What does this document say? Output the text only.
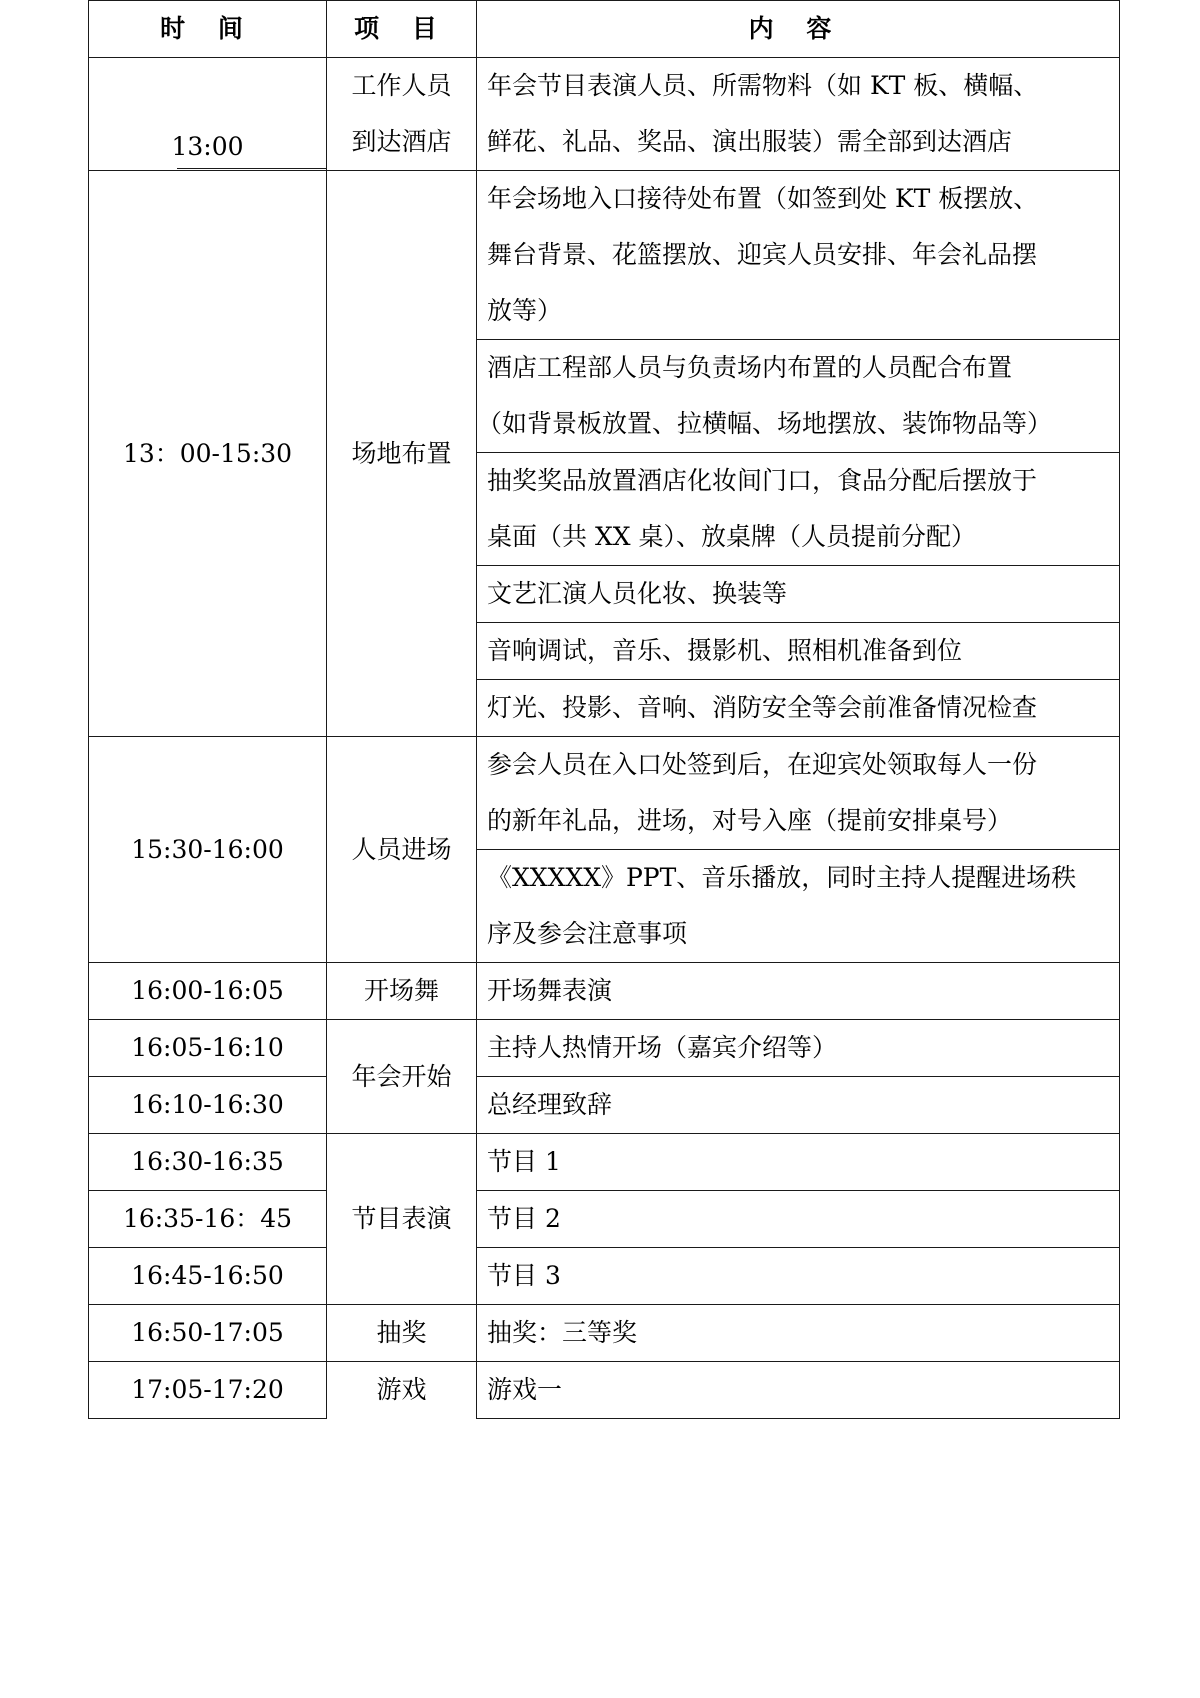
时 间	项 目	内 容

13:00	工作人员	年会节目表演人员、所需物料（如 KT 板、横幅、
	到达酒店	鲜花、礼品、奖品、演出服装）需全部到达酒店
13：00-15:30	场地布置	年会场地入口接待处布置（如签到处 KT 板摆放、
舞台背景、花篮摆放、迎宾人员安排、年会礼品摆
放等）

		酒店工程部人员与负责场内布置的人员配合布置
（如背景板放置、拉横幅、场地摆放、装饰物品等）

		抽奖奖品放置酒店化妆间门口，食品分配后摆放于
桌面（共 XX 桌）、放桌牌（人员提前分配）

		文艺汇演人员化妆、换装等

		音响调试，音乐、摄影机、照相机准备到位

		灯光、投影、音响、消防安全等会前准备情况检查

15:30-16:00	人员进场	参会人员在入口处签到后，在迎宾处领取每人一份
的新年礼品，进场，对号入座（提前安排桌号）

		《XXXXX》PPT、音乐播放，同时主持人提醒进场秩
序及参会注意事项

16:00-16:05	开场舞	开场舞表演
16:05-16:10	年会开始	主持人热情开场（嘉宾介绍等）
16:10-16:30		总经理致辞
16:30-16:35	节目表演	节目 1
16:35-16：45		节目 2
16:45-16:50		节目 3
16:50-17:05	抽奖	抽奖：三等奖
17:05-17:20	游戏	游戏一
